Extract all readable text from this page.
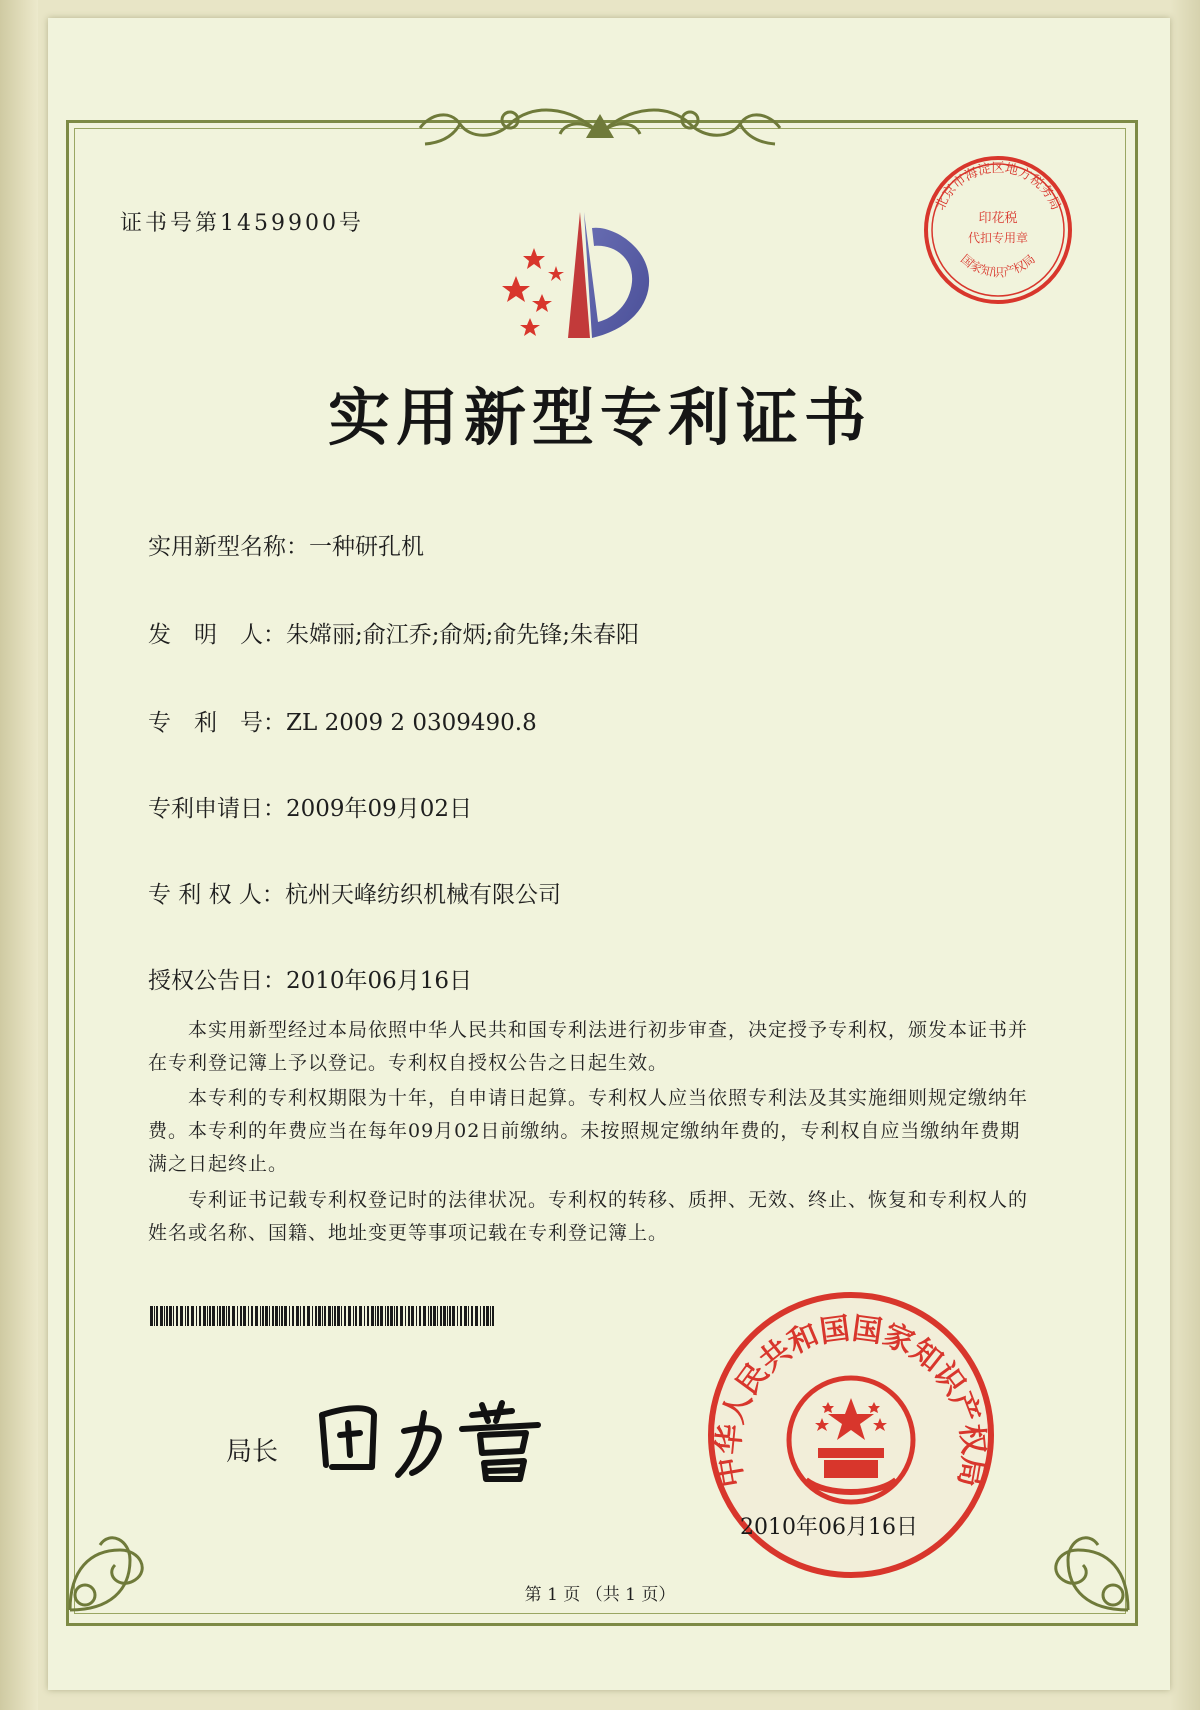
证书号第1459900号
北京市海淀区地方税务局
印花税
代扣专用章
国家知识产权局
实用新型专利证书
实用新型名称：一种研孔机
发　明　人：朱嫦丽;俞江乔;俞炳;俞先锋;朱春阳
专　利　号：ZL 2009 2 0309490.8
专利申请日：2009年09月02日
专 利 权 人：杭州天峰纺织机械有限公司
授权公告日：2010年06月16日
本实用新型经过本局依照中华人民共和国专利法进行初步审查，决定授予专利权，颁发本证书并在专利登记簿上予以登记。专利权自授权公告之日起生效。
本专利的专利权期限为十年，自申请日起算。专利权人应当依照专利法及其实施细则规定缴纳年费。本专利的年费应当在每年09月02日前缴纳。未按照规定缴纳年费的，专利权自应当缴纳年费期满之日起终止。
专利证书记载专利权登记时的法律状况。专利权的转移、质押、无效、终止、恢复和专利权人的姓名或名称、国籍、地址变更等事项记载在专利登记簿上。
局长
中华人民共和国国家知识产权局
2010年06月16日
第 1 页 （共 1 页）
